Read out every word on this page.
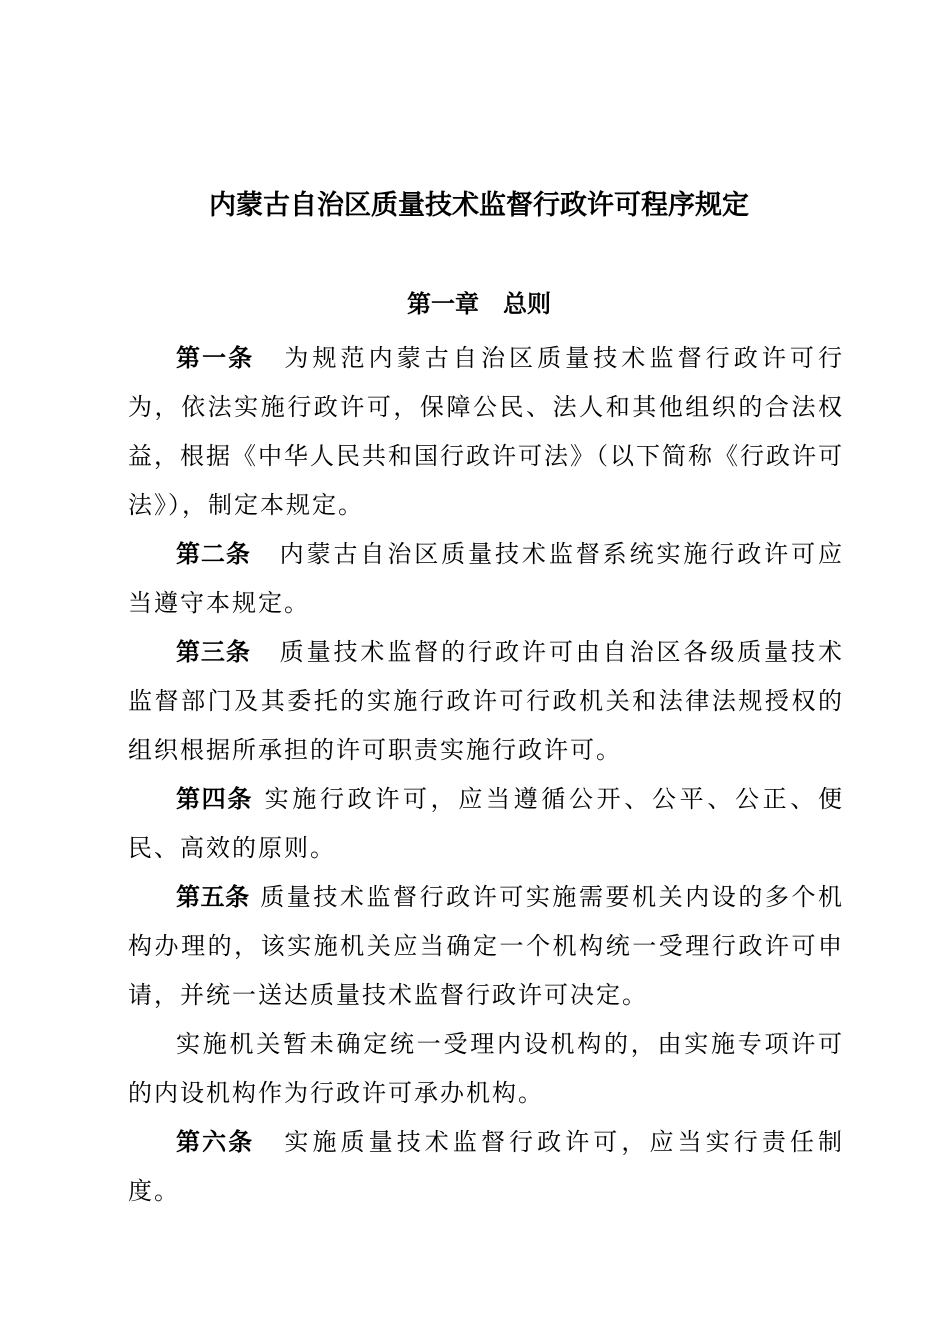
内蒙古自治区质量技术监督行政许可程序规定
第一章　总则

第一条 为规范内蒙古自治区质量技术监督行政许可行为，依法实施行政许可，保障公民、法人和其他组织的合法权益，根据《中华人民共和国行政许可法》（以下简称《行政许可法》），制定本规定。

第二条 内蒙古自治区质量技术监督系统实施行政许可应当遵守本规定。

第三条 质量技术监督的行政许可由自治区各级质量技术监督部门及其委托的实施行政许可行政机关和法律法规授权的组织根据所承担的许可职责实施行政许可。

第四条 实施行政许可，应当遵循公开、公平、公正、便民、高效的原则。

第五条 质量技术监督行政许可实施需要机关内设的多个机构办理的，该实施机关应当确定一个机构统一受理行政许可申请，并统一送达质量技术监督行政许可决定。

实施机关暂未确定统一受理内设机构的，由实施专项许可的内设机构作为行政许可承办机构。

第六条 实施质量技术监督行政许可，应当实行责任制度。
